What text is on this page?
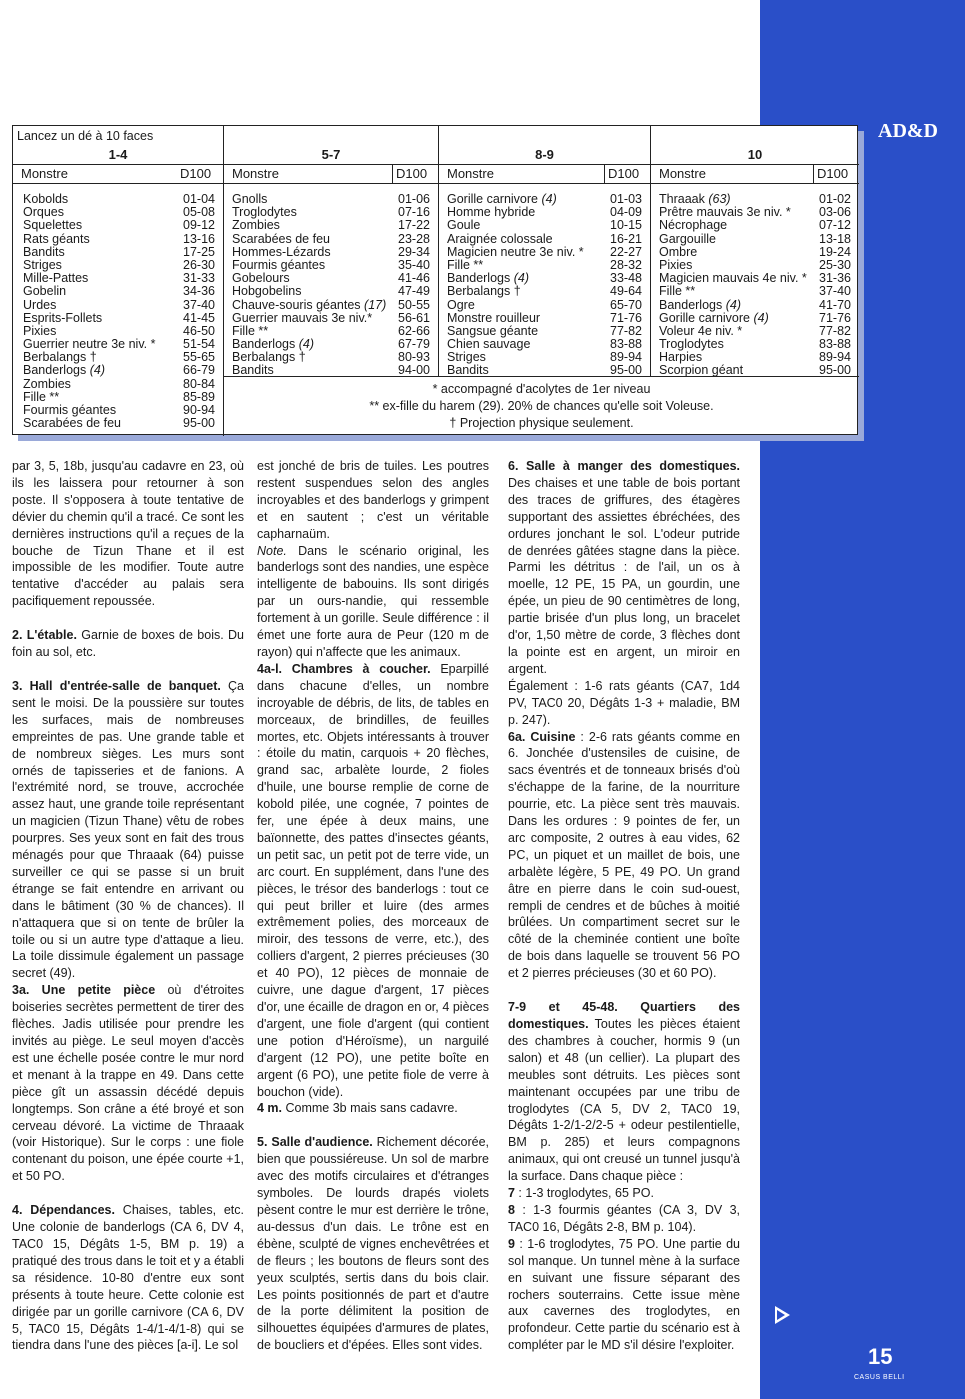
AD&D
15
CASUS BELLI
1-4
Monstre	D100
Kobolds	01-04
Orques	05-08
Squelettes	09-12
Rats géants	13-16
Bandits	17-25
Striges	26-30
Mille-Pattes	31-33
Gobelin	34-36
Urdes	37-40
Esprits-Follets	41-45
Pixies	46-50
Guerrier neutre 3e niv. * 51-54
Berbalangs †	55-65
Banderlogs (4)	66-79
Zombies	80-84
Fille **	85-89
Fourmis géantes	90-94
Scarabées de feu	95-00
Lancez un dé à 10 faces
5-7
Monstre	D100
Gnolls	01-06
Troglodytes	07-16
Zombies	17-22
Scarabées de feu	23-28
Hommes-Lézards	29-34
Fourmis géantes	35-40
Gobelours	41-46
Hobgobelins	47-49
Chauve-souris géantes (17) 50-55
Guerrier mauvais 3e niv.* 56-61
Fille **	62-66
Banderlogs (4)	67-79
Berbalangs †	80-93
Bandits	94-00
8-9
Monstre	D100
Gorille carnivore (4)	01-03
Homme hybride	04-09
Goule	10-15
Araignée colossale	16-21
Magicien neutre 3e niv. * 22-27
Fille **	28-32
Banderlogs (4)	33-48
Berbalangs †	49-64
Ogre	65-70
Monstre rouilleur	71-76
Sangsue géante	77-82
Chien sauvage	83-88
Striges	89-94
Bandits	95-00
10
Monstre	D100
Thraaak (63)	01-02
Prêtre mauvais 3e niv. * 03-06
Nécrophage	07-12
Gargouille	13-18
Ombre	19-24
Pixies	25-30
Magicien mauvais 4e niv. * 31-36
Fille **	37-40
Banderlogs (4)	41-70
Gorille carnivore (4)	71-76
Voleur 4e niv. *	77-82
Troglodytes	83-88
Harpies	89-94
Scorpion géant	95-00
* accompagné d'acolytes de 1er niveau
** ex-fille du harem (29). 20% de chances qu'elle soit Voleuse.
† Projection physique seulement.

par 3, 5, 18b, jusqu'au cadavre en 23, où ils les laissera pour retourner à son poste. Il s'opposera à toute tentative de dévier du chemin qu'il a tracé. Ce sont les dernières instructions qu'il a reçues de la bouche de Tizun Thane et il est impossible de les modifier. Toute autre tentative d'accéder au palais sera pacifiquement repoussée.

2. L'étable. Garnie de boxes de bois. Du foin au sol, etc.

3. Hall d'entrée-salle de banquet. Ça sent le moisi. De la poussière sur toutes les surfaces, mais de nombreuses empreintes de pas. Une grande table et de nombreux sièges. Les murs sont ornés de tapisseries et de fanions. A l'extrémité nord, se trouve, accrochée assez haut, une grande toile représentant un magicien (Tizun Thane) vêtu de robes pourpres. Ses yeux sont en fait des trous ménagés pour que Thraaak (64) puisse surveiller ce qui se passe si un bruit étrange se fait entendre en arrivant ou dans le bâtiment (30 % de chances). Il n'attaquera que si on tente de brûler la toile ou si un autre type d'attaque a lieu. La toile dissimule également un passage secret (49).

3a. Une petite pièce où d'étroites boiseries secrètes permettent de tirer des flèches. Jadis utilisée pour prendre les invités au piège. Le seul moyen d'accès est une échelle posée contre le mur nord et menant à la trappe en 49. Dans cette pièce gît un assassin décédé depuis longtemps. Son crâne a été broyé et son cerveau dévoré. La victime de Thraaak (voir Historique). Sur le corps : une fiole contenant du poison, une épée courte +1, et 50 PO.

4. Dépendances. Chaises, tables, etc. Une colonie de banderlogs (CA 6, DV 4, TAC0 15, Dégâts 1-5, BM p. 19) a pratiqué des trous dans le toit et y a établi sa résidence. 10-80 d'entre eux sont présents à toute heure. Cette colonie est dirigée par un gorille carnivore (CA 6, DV 5, TAC0 15, Dégâts 1-4/1-4/1-8) qui se tiendra dans l'une des pièces [a-i]. Le sol

est jonché de bris de tuiles. Les poutres restent suspendues selon des angles incroyables et des banderlogs y grimpent et en sautent ; c'est un véritable capharnaüm.

Note. Dans le scénario original, les banderlogs sont des nandies, une espèce intelligente de babouins. Ils sont dirigés par un ours-nandie, qui ressemble fortement à un gorille. Seule différence : il émet une forte aura de Peur (120 m de rayon) qui n'affecte que les animaux.

4a-l. Chambres à coucher. Eparpillé dans chacune d'elles, un nombre incroyable de débris, de lits, de tables en morceaux, de brindilles, de feuilles mortes, etc. Objets intéressants à trouver : étoile du matin, carquois + 20 flèches, grand sac, arbalète lourde, 2 fioles d'huile, une bourse remplie de corne de kobold pilée, une cognée, 7 pointes de fer, une épée à deux mains, une baïonnette, des pattes d'insectes géants, un petit sac, un petit pot de terre vide, un arc court. En supplément, dans l'une des pièces, le trésor des banderlogs : tout ce qui peut briller et luire (des armes extrêmement polies, des morceaux de miroir, des tessons de verre, etc.), des colliers d'argent, 2 pierres précieuses (30 et 40 PO), 12 pièces de monnaie de cuivre, une dague d'argent, 17 pièces d'or, une écaille de dragon en or, 4 pièces d'argent, une fiole d'argent (qui contient une potion d'Héroïsme), un narguilé d'argent (12 PO), une petite boîte en argent (6 PO), une petite fiole de verre à bouchon (vide).

4 m. Comme 3b mais sans cadavre.

5. Salle d'audience. Richement décorée, bien que poussiéreuse. Un sol de marbre avec des motifs circulaires et d'étranges symboles. De lourds drapés violets pèsent contre le mur est derrière le trône, au-dessus d'un dais. Le trône est en ébène, sculpté de vignes enchevêtrées et de fleurs ; les boutons de fleurs sont des yeux sculptés, sertis dans du bois clair. Les points positionnés de part et d'autre de la porte délimitent la position de silhouettes équipées d'armures de plates, de boucliers et d'épées. Elles sont vides.

6. Salle à manger des domestiques. Des chaises et une table de bois portant des traces de griffures, des étagères supportant des assiettes ébréchées, des ordures jonchant le sol. L'odeur putride de denrées gâtées stagne dans la pièce. Parmi les détritus : de l'ail, un os à moelle, 12 PE, 15 PA, un gourdin, une épée, un pieu de 90 centimètres de long, partie brisée d'un plus long, un bracelet d'or, 1,50 mètre de corde, 3 flèches dont la pointe est en argent, un miroir en argent.

Également : 1-6 rats géants (CA7, 1d4 PV, TAC0 20, Dégâts 1-3 + maladie, BM p. 247).

6a. Cuisine : 2-6 rats géants comme en 6. Jonchée d'ustensiles de cuisine, de sacs éventrés et de tonneaux brisés d'où s'échappe de la farine, de la nourriture pourrie, etc. La pièce sent très mauvais. Dans les ordures : 9 pointes de fer, un arc composite, 2 outres à eau vides, 62 PC, un piquet et un maillet de bois, une arbalète légère, 5 PE, 49 PO. Un grand âtre en pierre dans le coin sud-ouest, rempli de cendres et de bûches à moitié brûlées. Un compartiment secret sur le côté de la cheminée contient une boîte de bois dans laquelle se trouvent 56 PO et 2 pierres précieuses (30 et 60 PO).

7-9 et 45-48. Quartiers des domestiques. Toutes les pièces étaient des chambres à coucher, hormis 9 (un salon) et 48 (un cellier). La plupart des meubles sont détruits. Les pièces sont maintenant occupées par une tribu de troglodytes (CA 5, DV 2, TAC0 19, Dégâts 1-2/1-2/2-5 + odeur pestilentielle, BM p. 285) et leurs compagnons animaux, qui ont creusé un tunnel jusqu'à la surface. Dans chaque pièce :

7 : 1-3 troglodytes, 65 PO.

8 : 1-3 fourmis géantes (CA 3, DV 3, TAC0 16, Dégâts 2-8, BM p. 104).

9 : 1-6 troglodytes, 75 PO. Une partie du sol manque. Un tunnel mène à la surface en suivant une fissure séparant des rochers souterrains. Cette issue mène aux cavernes des troglodytes, en profondeur. Cette partie du scénario est à compléter par le MD s'il désire l'exploiter.
